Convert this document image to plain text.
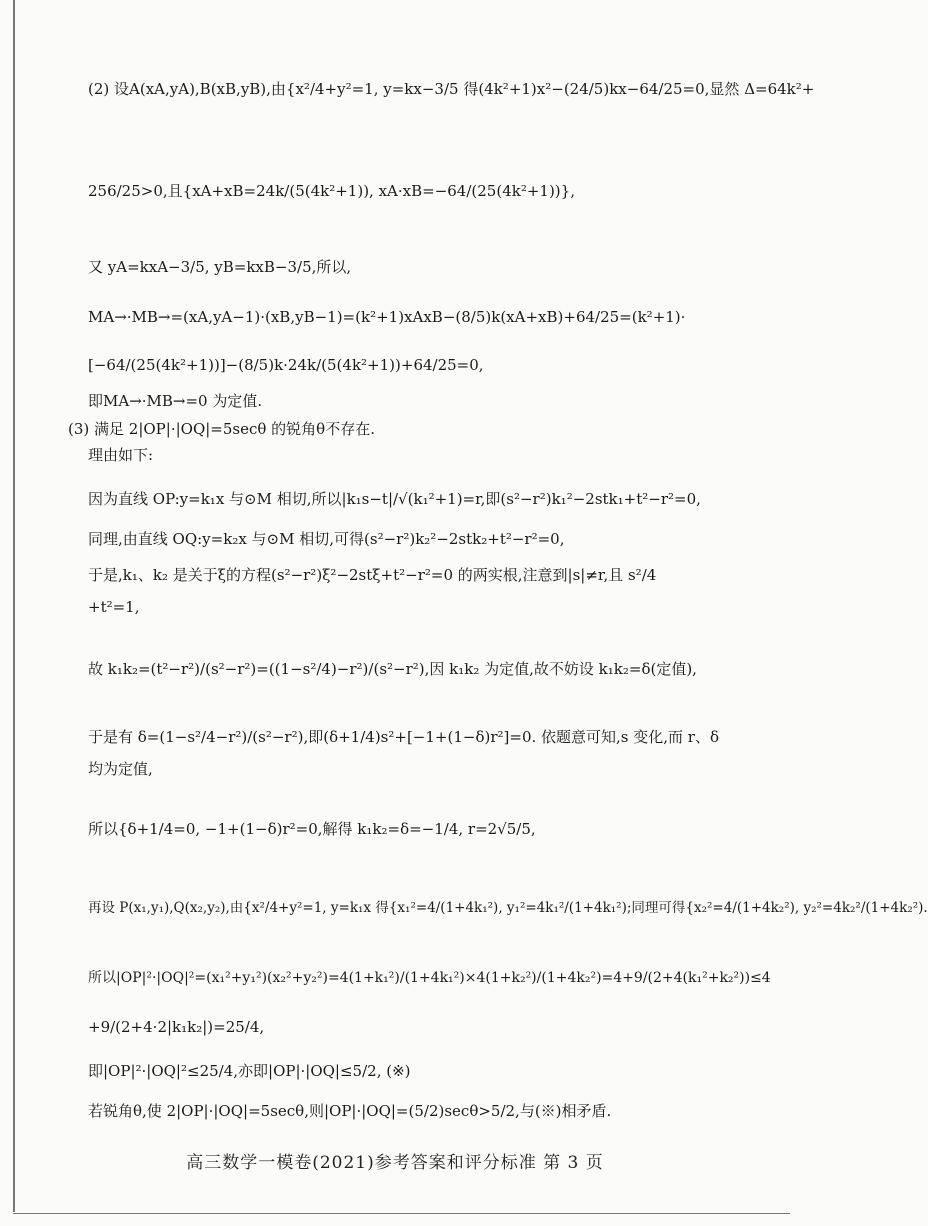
(2) 设A(xA,yA),B(xB,yB),由{x²/4+y²=1, y=kx−3/5 得(4k²+1)x²−(24/5)kx−64/25=0,显然 Δ=64k²+
256/25>0,且{xA+xB=24k/(5(4k²+1)), xA·xB=−64/(25(4k²+1))},
又 yA=kxA−3/5, yB=kxB−3/5,所以,
MA→·MB→=(xA,yA−1)·(xB,yB−1)=(k²+1)xAxB−(8/5)k(xA+xB)+64/25=(k²+1)·
[−64/(25(4k²+1))]−(8/5)k·24k/(5(4k²+1))+64/25=0,
即MA→·MB→=0 为定值.
(3) 满足 2|OP|·|OQ|=5secθ 的锐角θ不存在.
理由如下:
因为直线 OP:y=k₁x 与⊙M 相切,所以|k₁s−t|/√(k₁²+1)=r,即(s²−r²)k₁²−2stk₁+t²−r²=0,
同理,由直线 OQ:y=k₂x 与⊙M 相切,可得(s²−r²)k₂²−2stk₂+t²−r²=0,
于是,k₁、k₂ 是关于ξ的方程(s²−r²)ξ²−2stξ+t²−r²=0 的两实根,注意到|s|≠r,且 s²/4
+t²=1,
故 k₁k₂=(t²−r²)/(s²−r²)=((1−s²/4)−r²)/(s²−r²),因 k₁k₂ 为定值,故不妨设 k₁k₂=δ(定值),
于是有 δ=(1−s²/4−r²)/(s²−r²),即(δ+1/4)s²+[−1+(1−δ)r²]=0. 依题意可知,s 变化,而 r、δ
均为定值,
所以{δ+1/4=0, −1+(1−δ)r²=0,解得 k₁k₂=δ=−1/4, r=2√5/5,
再设 P(x₁,y₁),Q(x₂,y₂),由{x²/4+y²=1, y=k₁x 得{x₁²=4/(1+4k₁²), y₁²=4k₁²/(1+4k₁²);同理可得{x₂²=4/(1+4k₂²), y₂²=4k₂²/(1+4k₂²).
所以|OP|²·|OQ|²=(x₁²+y₁²)(x₂²+y₂²)=4(1+k₁²)/(1+4k₁²)×4(1+k₂²)/(1+4k₂²)=4+9/(2+4(k₁²+k₂²))≤4
+9/(2+4·2|k₁k₂|)=25/4,
即|OP|²·|OQ|²≤25/4,亦即|OP|·|OQ|≤5/2, (※)
若锐角θ,使 2|OP|·|OQ|=5secθ,则|OP|·|OQ|=(5/2)secθ>5/2,与(※)相矛盾.
高三数学一模卷(2021)参考答案和评分标准 第 3 页
